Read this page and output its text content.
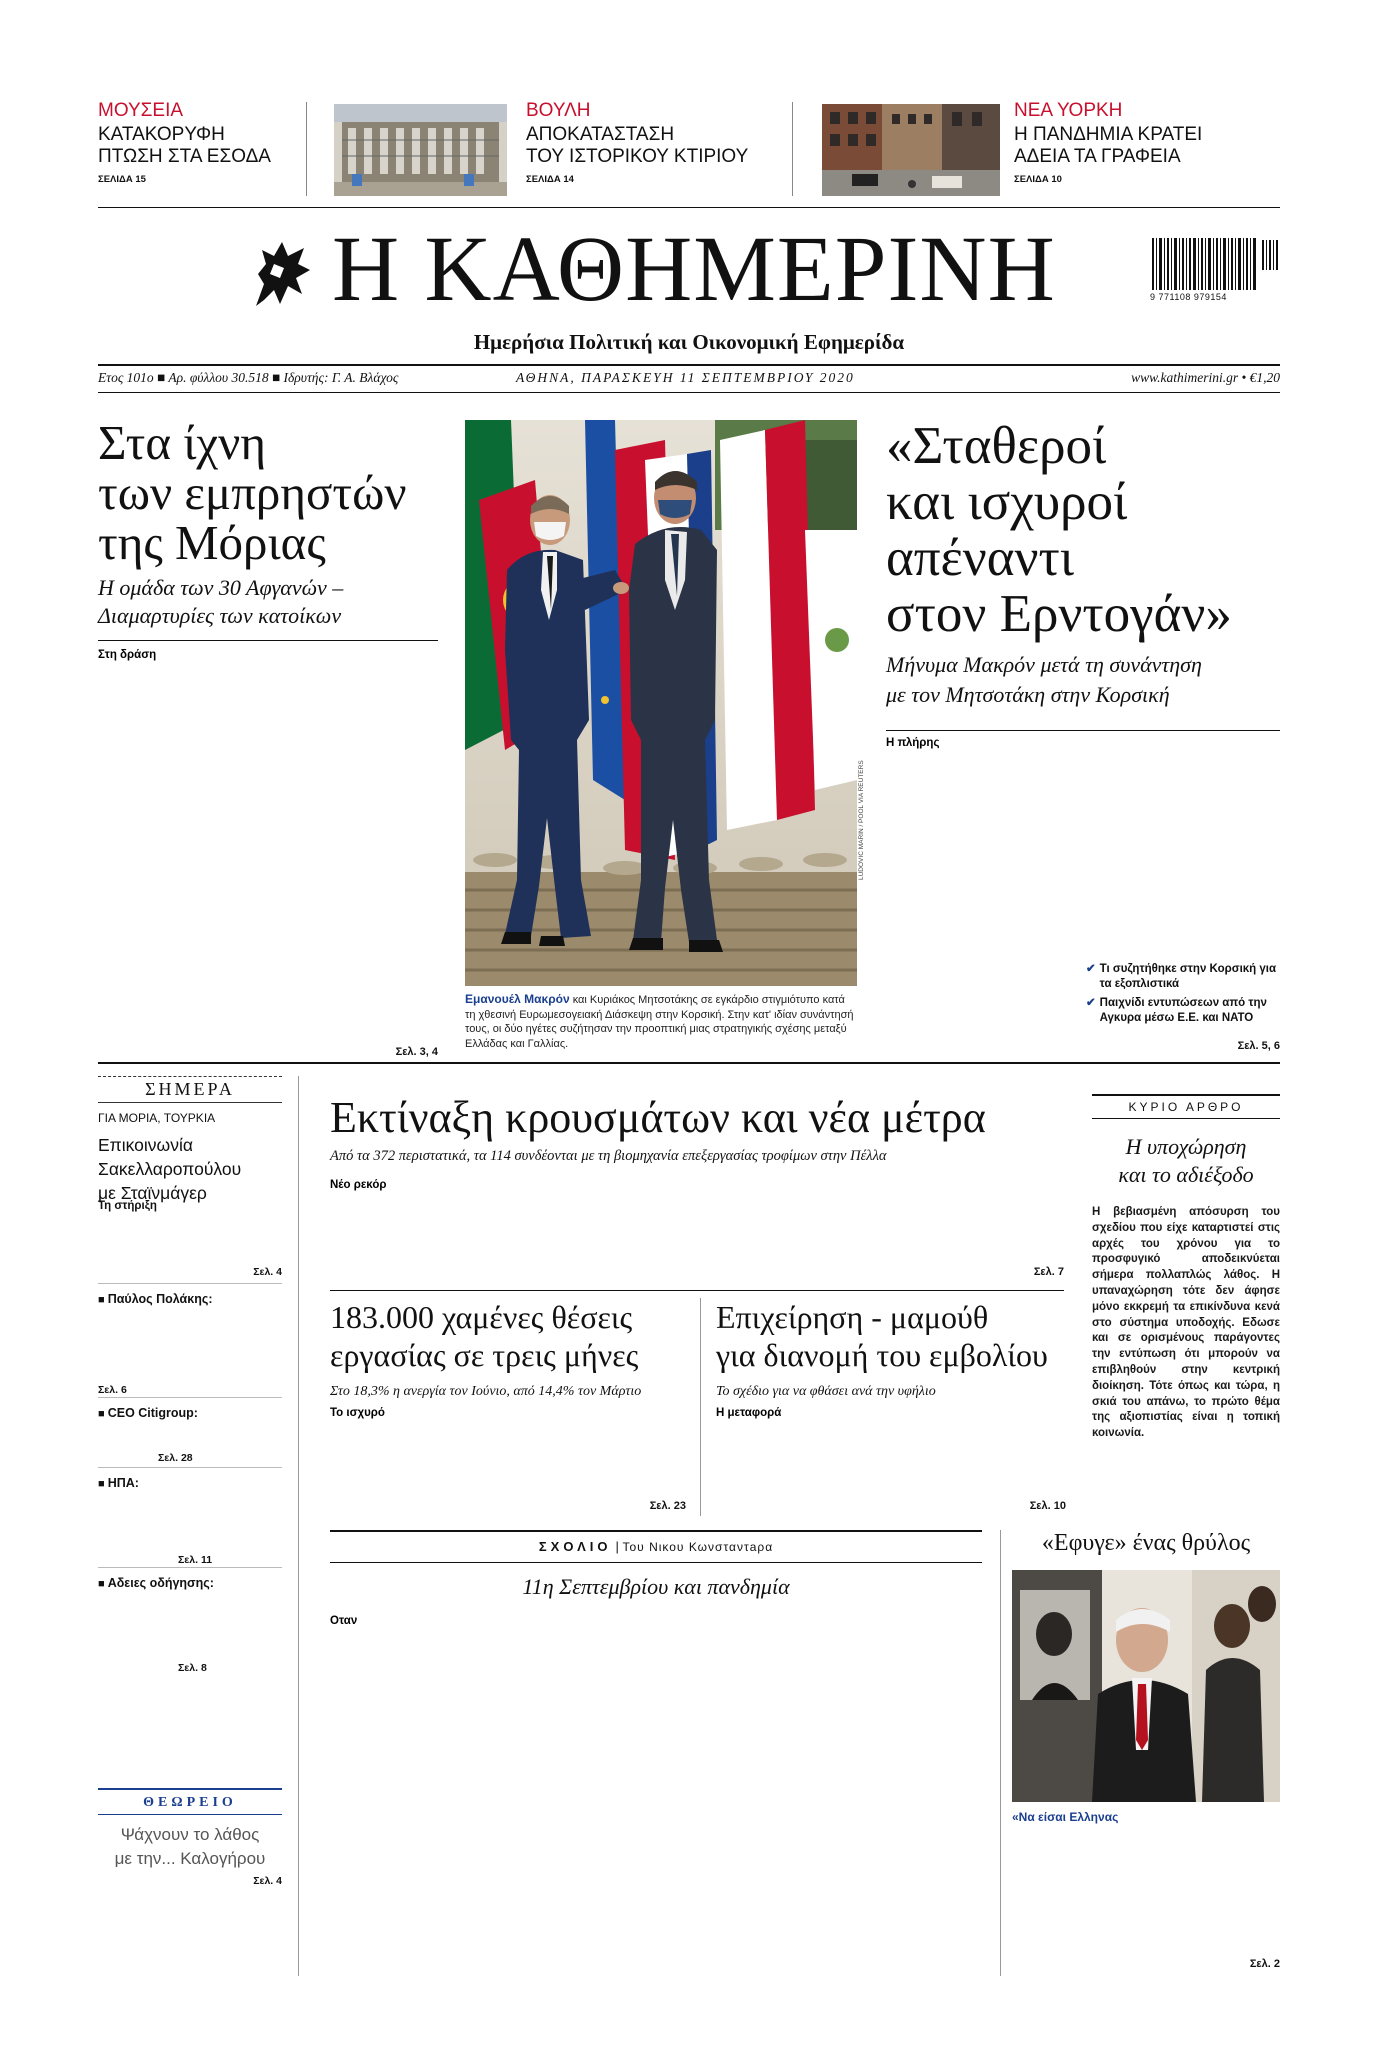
ΜΟΥΣΕΙΑ
ΚΑΤΑΚΟΡΥΦΗ
ΠΤΩΣΗ ΣΤΑ ΕΣΟΔΑ
ΣΕΛΙΔΑ 15
ΒΟΥΛΗ
ΑΠΟΚΑΤΑΣΤΑΣΗ
ΤΟΥ ΙΣΤΟΡΙΚΟΥ ΚΤΙΡΙΟΥ
ΣΕΛΙΔΑ 14
ΝΕΑ ΥΟΡΚΗ
Η ΠΑΝΔΗΜΙΑ ΚΡΑΤΕΙ
ΑΔΕΙΑ ΤΑ ΓΡΑΦΕΙΑ
ΣΕΛΙΔΑ 10
Η ΚΑΘΗΜΕΡΙΝΗ	9 771108 979154
Ημερήσια Πολιτική και Οικονομική Εφημερίδα
Ετος 101ο ■ Αρ. φύλλου 30.518 ■ Ιδρυτής: Γ. Α. Βλάχος	ΑΘΗΝΑ, ΠΑΡΑΣΚΕΥΗ 11 ΣΕΠΤΕΜΒΡΙΟΥ 2020	www.kathimerini.gr • €1,20
Στα ίχνη
των εμπρηστών
της Μόριας
Η ομάδα των 30 Αφγανών –
Διαμαρτυρίες των κατοίκων
Στη δράση
Σελ. 3, 4
LUDOVIC MARIN / POOL VIA REUTERS
Εμανουέλ Μακρόν και Κυριάκος Μητσοτάκης σε εγκάρδιο στιγμιότυπο κατά τη χθεσινή Ευρωμεσογειακή Διάσκεψη στην Κορσική. Στην κατ' ιδίαν συνάντησή τους, οι δύο ηγέτες συζήτησαν την προοπτική μιας στρατηγικής σχέσης μεταξύ Ελλάδας και Γαλλίας.
«Σταθεροί
και ισχυροί
απέναντι
στον Ερντογάν»
Μήνυμα Μακρόν μετά τη συνάντηση
με τον Μητσοτάκη στην Κορσική
Η πλήρης
✔ Τι συζητήθηκε στην Κορσική για τα εξοπλιστικά
✔ Παιχνίδι εντυπώσεων από την Αγκυρα μέσω Ε.Ε. και ΝΑΤΟ
Σελ. 5, 6
ΣΗΜΕΡΑ
ΓΙΑ ΜΟΡΙΑ, ΤΟΥΡΚΙΑ
Επικοινωνία
Σακελλαροπούλου
με Σταϊνμάγερ
Τη στήριξη
Σελ. 4
■ Παύλος Πολάκης:
Σελ. 6
■ CEO Citigroup:
Σελ. 28
■ ΗΠΑ:
Σελ. 11
■ Αδειες οδήγησης:
Σελ. 8
ΘΕΩΡΕΙΟ
Ψάχνουν το λάθος
με την... Καλογήρου
Σελ. 4
Εκτίναξη κρουσμάτων και νέα μέτρα
Από τα 372 περιστατικά, τα 114 συνδέονται με τη βιομηχανία επεξεργασίας τροφίμων στην Πέλλα
Νέο ρεκόρ
Σελ. 7
183.000 χαμένες θέσεις
εργασίας σε τρεις μήνες
Στο 18,3% η ανεργία τον Ιούνιο, από 14,4% τον Μάρτιο
Το ισχυρό
Σελ. 23
Επιχείρηση - μαμούθ
για διανομή του εμβολίου
Το σχέδιο για να φθάσει ανά την υφήλιο
Η μεταφορά
Σελ. 10
ΚΥΡΙΟ ΑΡΘΡΟ
Η υποχώρηση
και το αδιέξοδο
Η βεβιασμένη απόσυρση του σχεδίου που είχε καταρτιστεί στις αρχές του χρόνου για το προσφυγικό αποδεικνύεται σήμερα πολλαπλώς λάθος. Η υπαναχώρηση τότε δεν άφησε μόνο εκκρεμή τα επικίνδυνα κενά στο σύστημα υποδοχής. Εδωσε και σε ορισμένους παράγοντες την εντύπωση ότι μπορούν να επιβληθούν στην κεντρική διοίκηση. Τότε όπως και τώρα, η σκιά του απάνω, το πρώτο θέμα της αξιοπιστίας είναι η τοπική κοινωνία.
ΣΧΟΛΙΟ | Του Νικου Κωνσταντaρα
11η Σεπτεμβρίου και πανδημία
Οταν
«Εφυγε» ένας θρύλος
«Να είσαι Ελληνας
Σελ. 2
